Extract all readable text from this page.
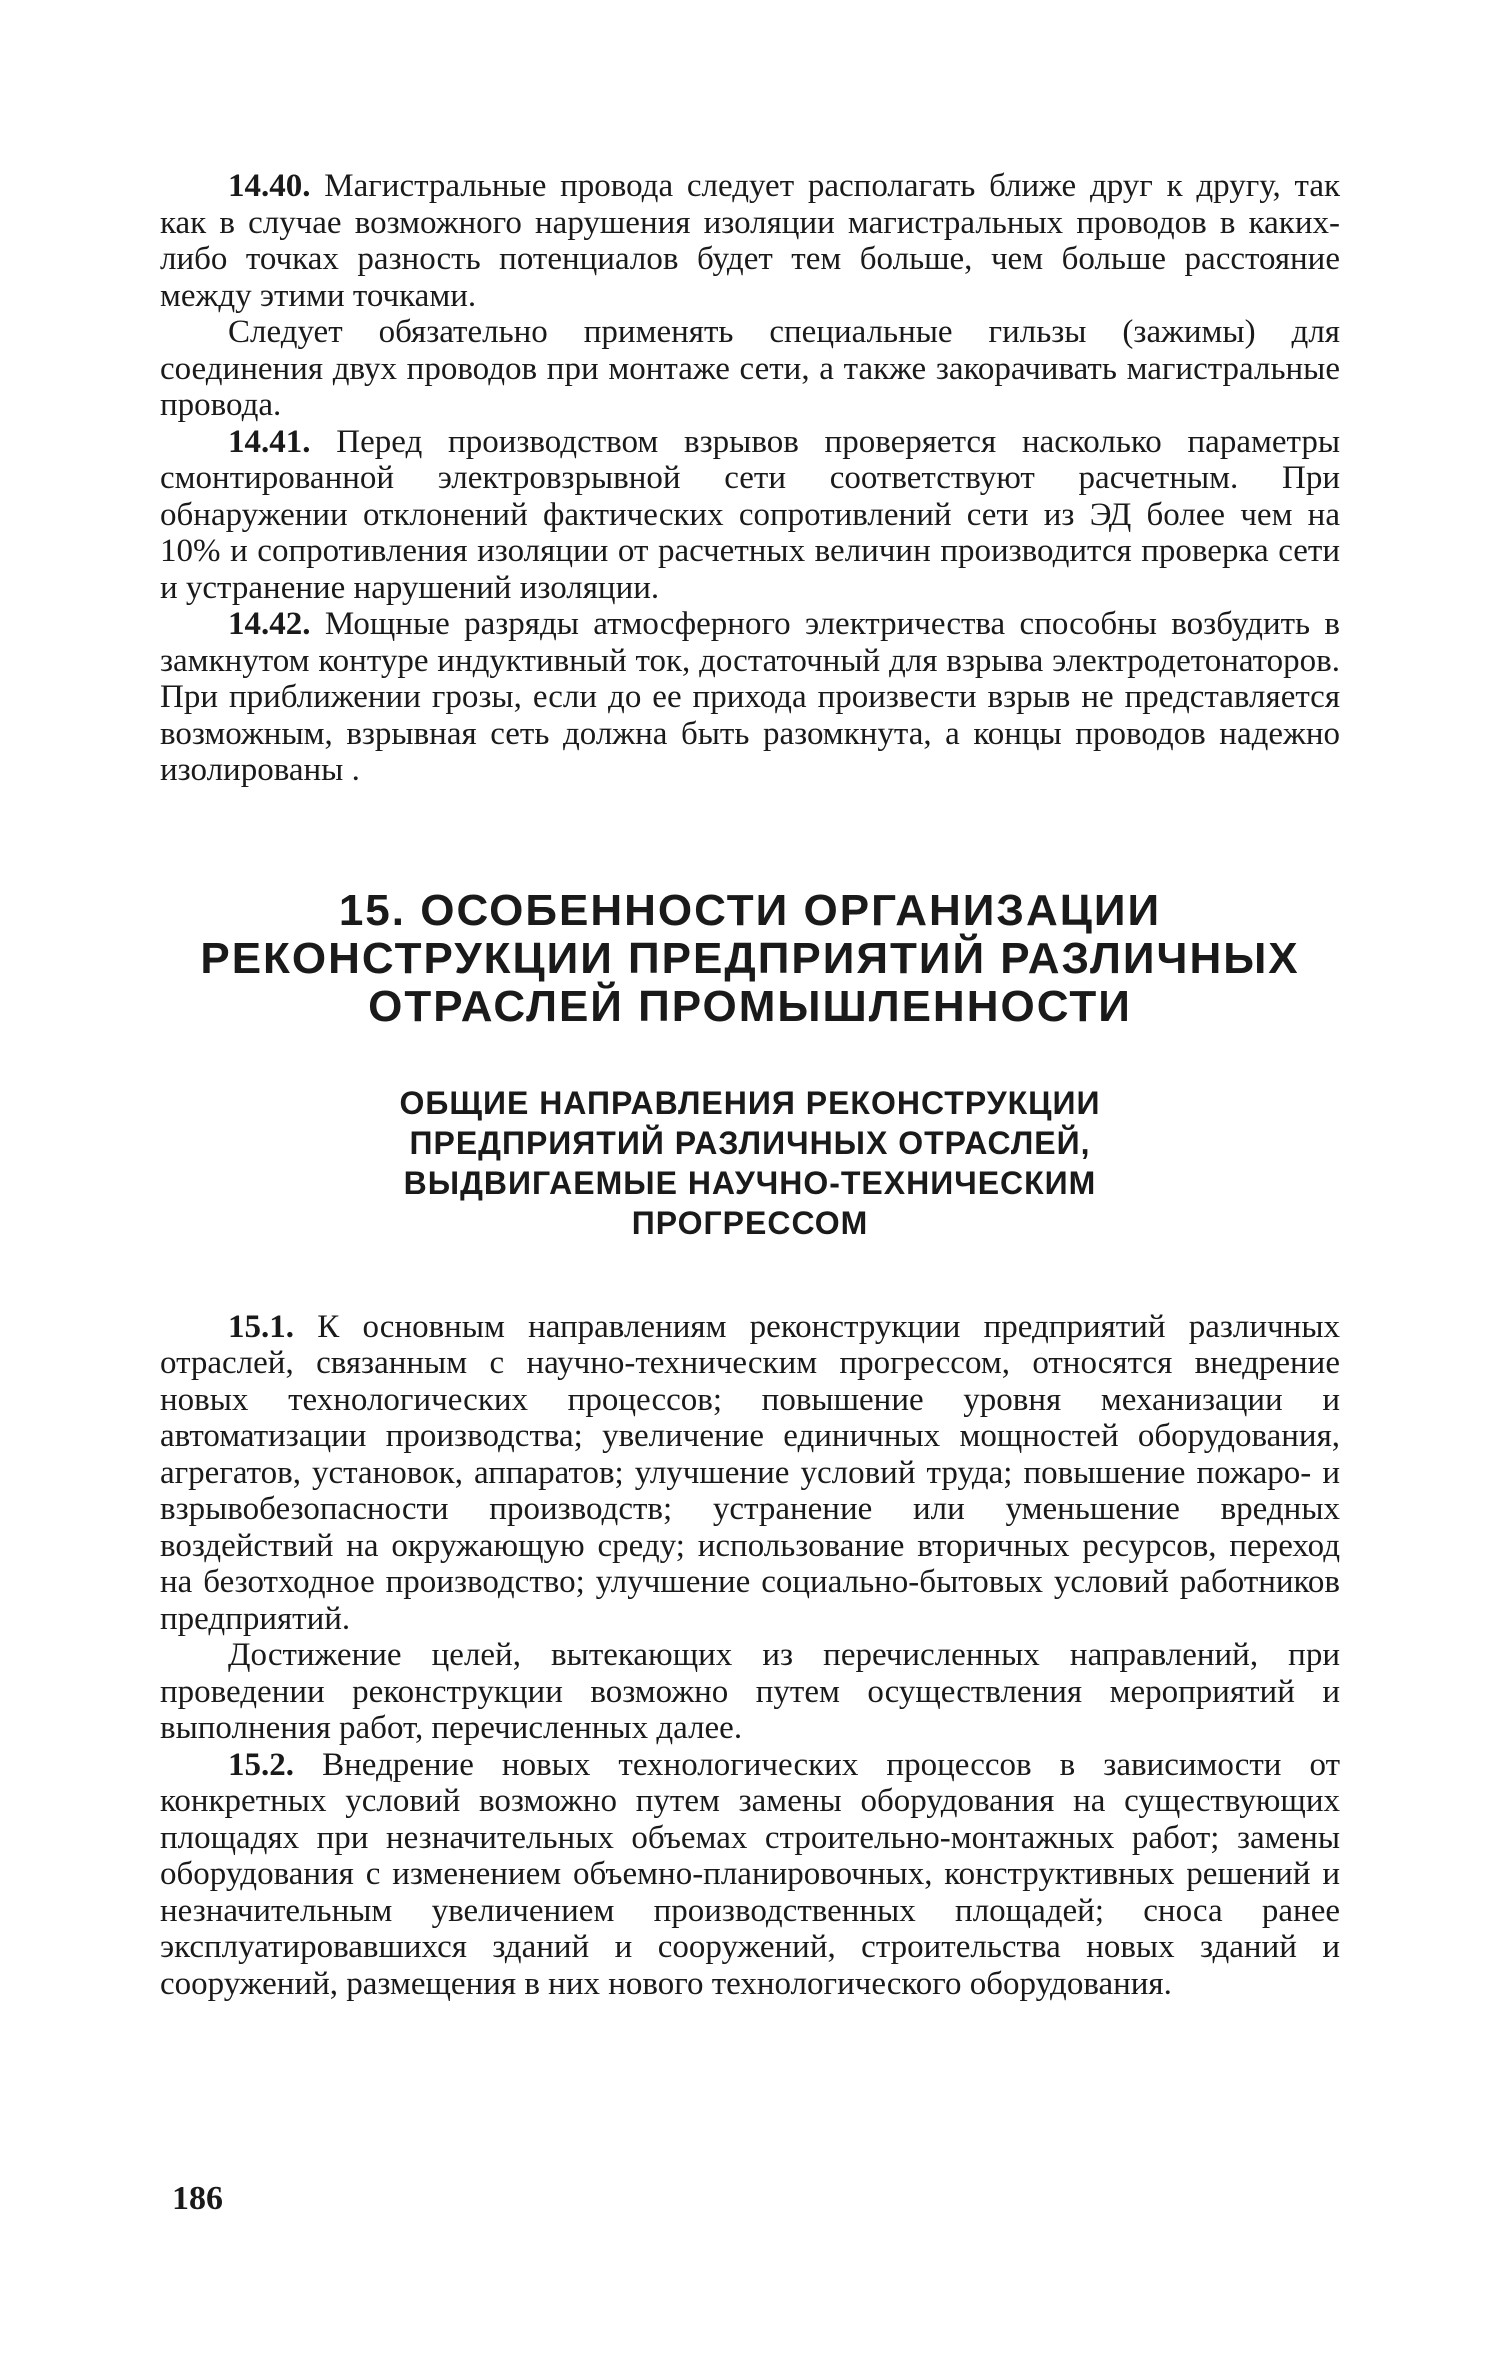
14.40. Магистральные провода следует располагать ближе друг к другу, так как в случае возможного нарушения изоляции магистральных проводов в каких-либо точках разность потенциалов будет тем больше, чем больше расстояние между этими точками.

Следует обязательно применять специальные гильзы (зажимы) для соединения двух проводов при монтаже сети, а также закорачивать магистральные провода.

14.41. Перед производством взрывов проверяется насколько параметры смонтированной электровзрывной сети соответствуют расчетным. При обнаружении отклонений фактических сопротивлений сети из ЭД более чем на 10% и сопротивления изоляции от расчетных величин производится проверка сети и устранение нарушений изоляции.

14.42. Мощные разряды атмосферного электричества способны возбудить в замкнутом контуре индуктивный ток, достаточный для взрыва электродетонаторов. При приближении грозы, если до ее прихода произвести взрыв не представляется возможным, взрывная сеть должна быть разомкнута, а концы проводов надежно изолированы .

15. ОСОБЕННОСТИ ОРГАНИЗАЦИИ
РЕКОНСТРУКЦИИ ПРЕДПРИЯТИЙ РАЗЛИЧНЫХ
ОТРАСЛЕЙ ПРОМЫШЛЕННОСТИ
ОБЩИЕ НАПРАВЛЕНИЯ РЕКОНСТРУКЦИИ
ПРЕДПРИЯТИЙ РАЗЛИЧНЫХ ОТРАСЛЕЙ,
ВЫДВИГАЕМЫЕ НАУЧНО-ТЕХНИЧЕСКИМ
ПРОГРЕССОМ

15.1. К основным направлениям реконструкции предприятий различных отраслей, связанным с научно-техническим прогрессом, относятся внедрение новых технологических процессов; повышение уровня механизации и автоматизации производства; увеличение единичных мощностей оборудования, агрегатов, установок, аппаратов; улучшение условий труда; повышение пожаро- и взрывобезопасности производств; устранение или уменьшение вредных воздействий на окружающую среду; использование вторичных ресурсов, переход на безотходное производство; улучшение социально-бытовых условий работников предприятий.

Достижение целей, вытекающих из перечисленных направлений, при проведении реконструкции возможно путем осуществления мероприятий и выполнения работ, перечисленных далее.

15.2. Внедрение новых технологических процессов в зависимости от конкретных условий возможно путем замены оборудования на существующих площадях при незначительных объемах строительно-монтажных работ; замены оборудования с изменением объемно-планировочных, конструктивных решений и незначительным увеличением производственных площадей; сноса ранее эксплуатировавшихся зданий и сооружений, строительства новых зданий и сооружений, размещения в них нового технологического оборудования.

186
